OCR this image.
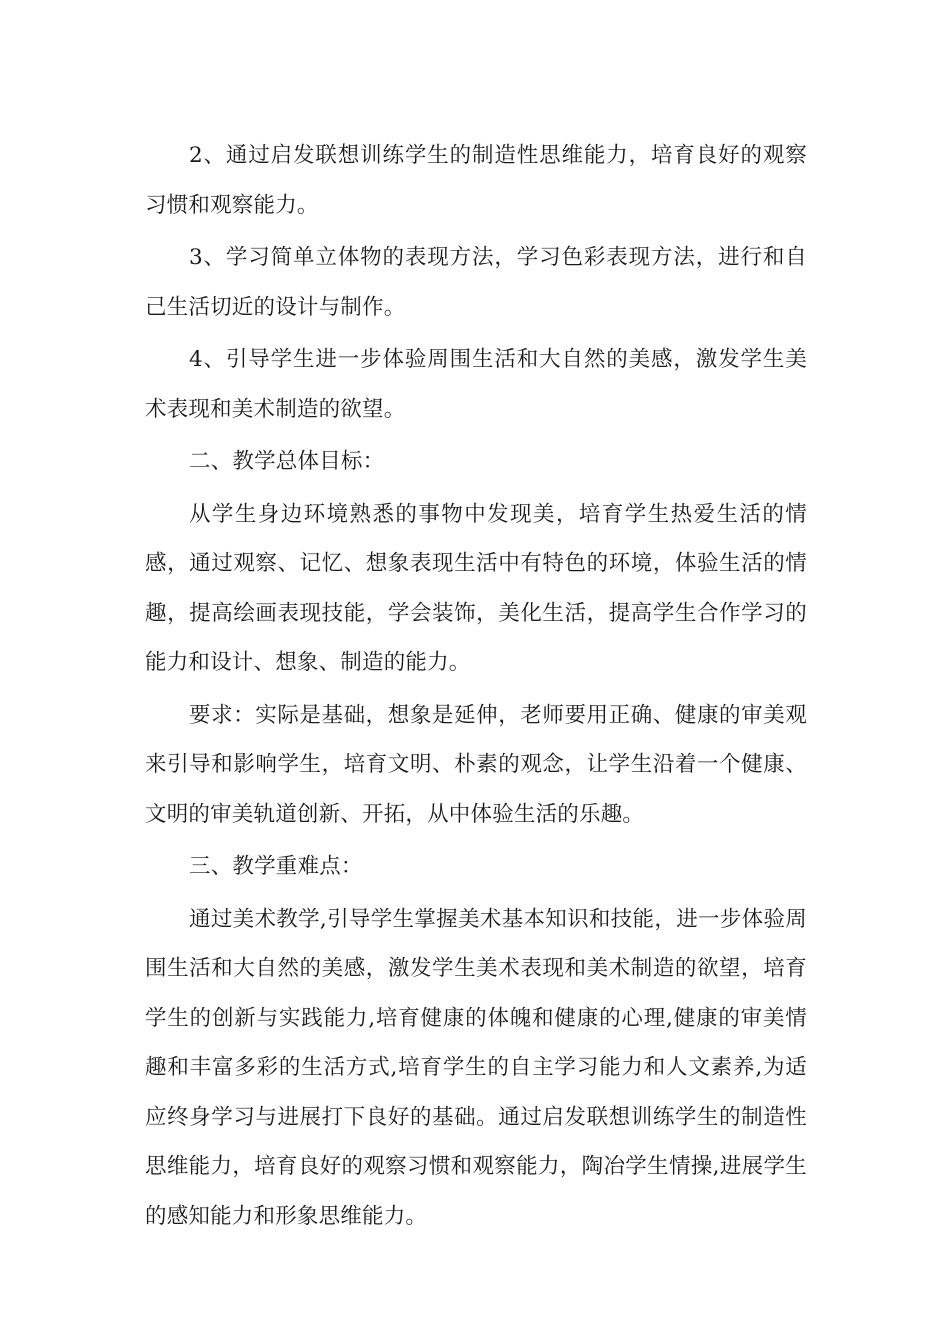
2、通过启发联想训练学生的制造性思维能力，培育良好的观察习惯和观察能力。

3、学习简单立体物的表现方法，学习色彩表现方法，进行和自己生活切近的设计与制作。

4、引导学生进一步体验周围生活和大自然的美感，激发学生美术表现和美术制造的欲望。

二、教学总体目标：

从学生身边环境熟悉的事物中发现美，培育学生热爱生活的情感，通过观察、记忆、想象表现生活中有特色的环境，体验生活的情趣，提高绘画表现技能，学会装饰，美化生活，提高学生合作学习的能力和设计、想象、制造的能力。

要求：实际是基础，想象是延伸，老师要用正确、健康的审美观来引导和影响学生，培育文明、朴素的观念，让学生沿着一个健康、文明的审美轨道创新、开拓，从中体验生活的乐趣。

三、教学重难点：

通过美术教学,引导学生掌握美术基本知识和技能，进一步体验周围生活和大自然的美感，激发学生美术表现和美术制造的欲望，培育学生的创新与实践能力,培育健康的体魄和健康的心理,健康的审美情趣和丰富多彩的生活方式,培育学生的自主学习能力和人文素养,为适应终身学习与进展打下良好的基础。通过启发联想训练学生的制造性思维能力，培育良好的观察习惯和观察能力，陶冶学生情操,进展学生的感知能力和形象思维能力。
